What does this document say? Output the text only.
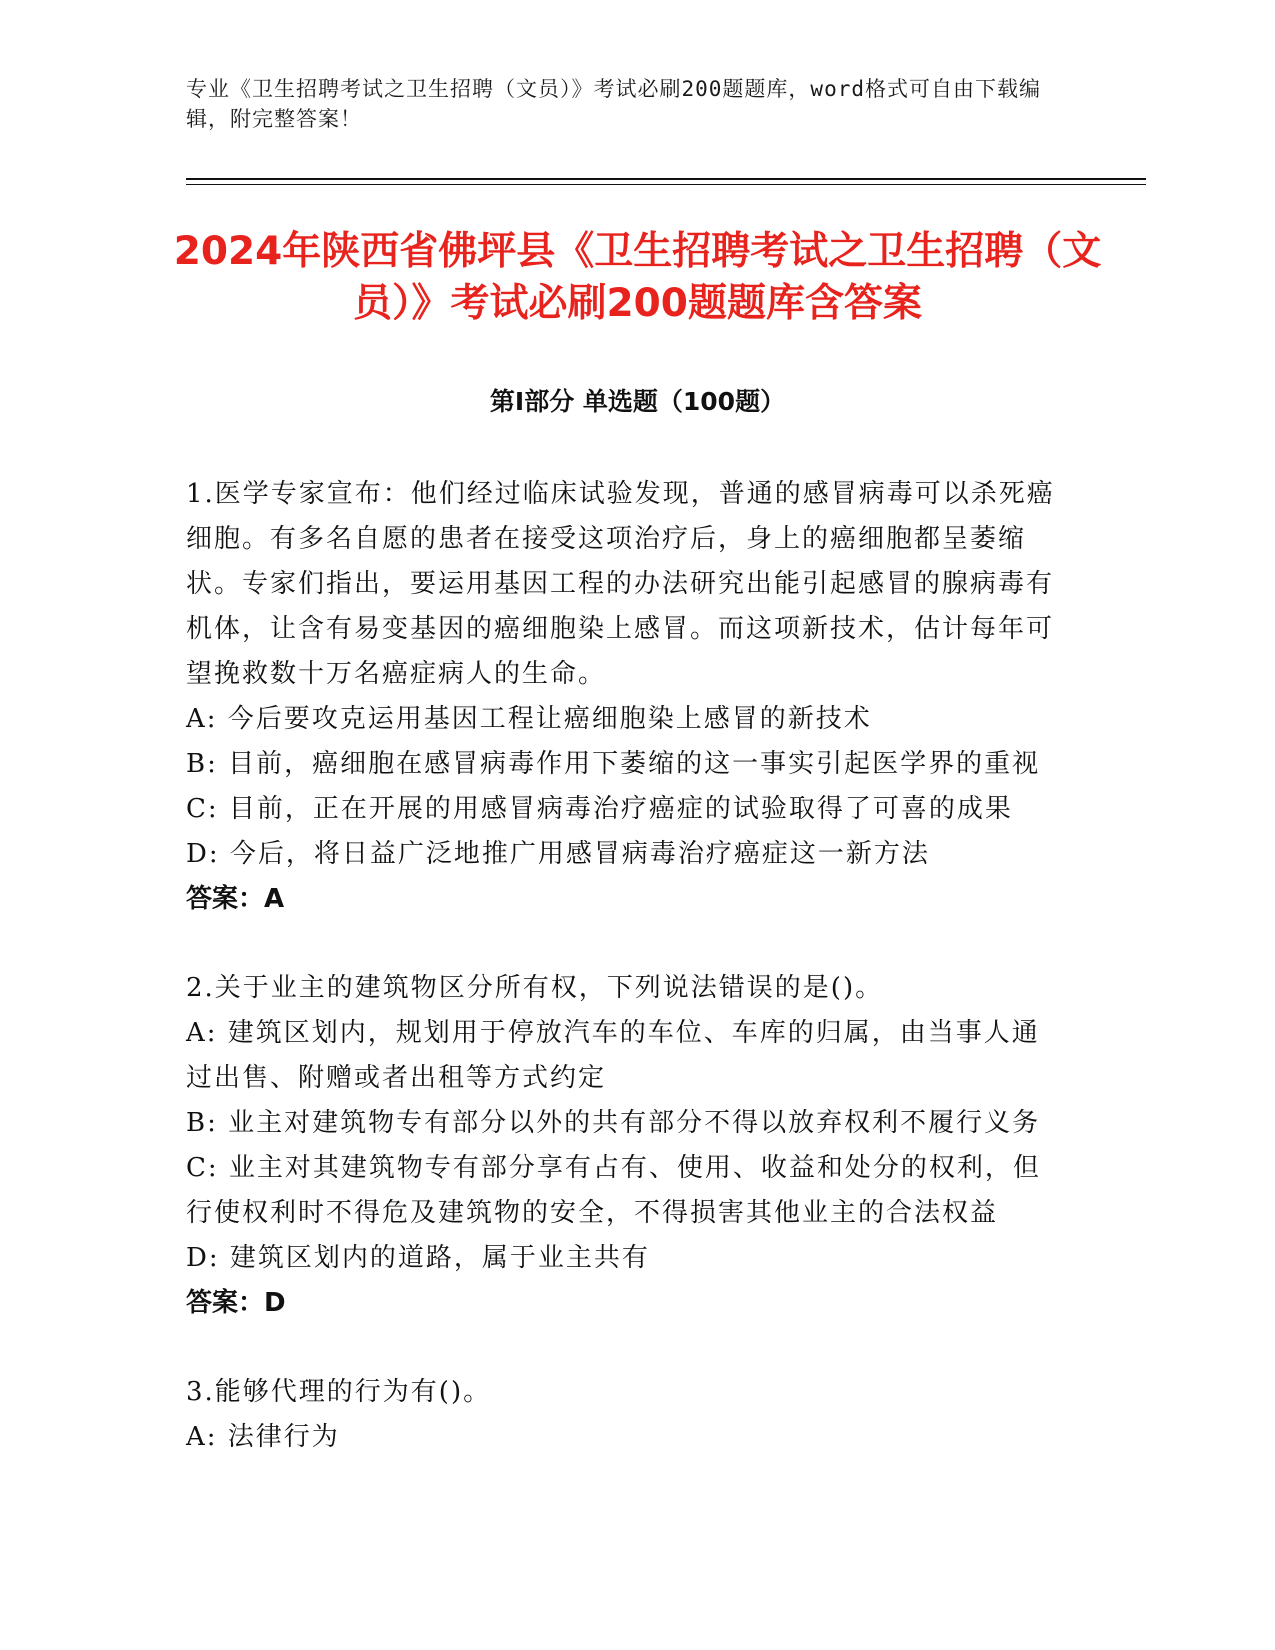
专业《卫生招聘考试之卫生招聘（文员）》考试必刷200题题库，word格式可自由下载编辑，附完整答案！
2024年陕西省佛坪县《卫生招聘考试之卫生招聘（文员）》考试必刷200题题库含答案
第I部分 单选题（100题）
1.医学专家宣布：他们经过临床试验发现，普通的感冒病毒可以杀死癌细胞。有多名自愿的患者在接受这项治疗后，身上的癌细胞都呈萎缩状。专家们指出，要运用基因工程的办法研究出能引起感冒的腺病毒有机体，让含有易变基因的癌细胞染上感冒。而这项新技术，估计每年可望挽救数十万名癌症病人的生命。
A: 今后要攻克运用基因工程让癌细胞染上感冒的新技术
B: 目前，癌细胞在感冒病毒作用下萎缩的这一事实引起医学界的重视
C: 目前，正在开展的用感冒病毒治疗癌症的试验取得了可喜的成果
D: 今后，将日益广泛地推广用感冒病毒治疗癌症这一新方法
答案：A
2.关于业主的建筑物区分所有权，下列说法错误的是()。
A: 建筑区划内，规划用于停放汽车的车位、车库的归属，由当事人通过出售、附赠或者出租等方式约定
B: 业主对建筑物专有部分以外的共有部分不得以放弃权利不履行义务
C: 业主对其建筑物专有部分享有占有、使用、收益和处分的权利，但行使权利时不得危及建筑物的安全，不得损害其他业主的合法权益
D: 建筑区划内的道路，属于业主共有
答案：D
3.能够代理的行为有()。
A: 法律行为
